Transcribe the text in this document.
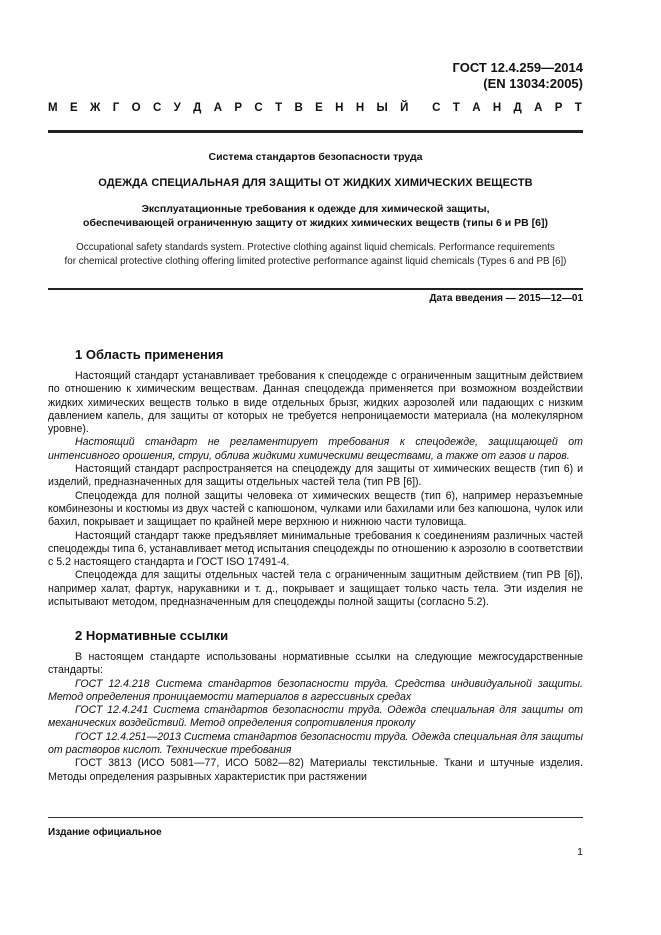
ГОСТ 12.4.259—2014
(EN 13034:2005)
М Е Ж Г О С У Д А Р С Т В Е Н Н Ы Й С Т А Н Д А Р Т
Система стандартов безопасности труда
ОДЕЖДА СПЕЦИАЛЬНАЯ ДЛЯ ЗАЩИТЫ ОТ ЖИДКИХ ХИМИЧЕСКИХ ВЕЩЕСТВ
Эксплуатационные требования к одежде для химической защиты,
обеспечивающей ограниченную защиту от жидких химических веществ (типы 6 и РВ [6])
Occupational safety standards system. Protective clothing against liquid chemicals. Performance requirements
for chemical protective clothing offering limited protective performance against liquid chemicals (Types 6 and PB [6])
Дата введения — 2015—12—01
1 Область применения

Настоящий стандарт устанавливает требования к спецодежде с ограниченным защитным действием по отношению к химическим веществам. Данная спецодежда применяется при возможном воздействии жидких химических веществ только в виде отдельных брызг, жидких аэрозолей или падающих с низким давлением капель, для защиты от которых не требуется непроницаемости материала (на молекулярном уровне).

Настоящий стандарт не регламентирует требования к спецодежде, защищающей от интенсивного орошения, струи, облива жидкими химическими веществами, а также от газов и паров.

Настоящий стандарт распространяется на спецодежду для защиты от химических веществ (тип 6) и изделий, предназначенных для защиты отдельных частей тела (тип РВ [6]).

Спецодежда для полной защиты человека от химических веществ (тип 6), например неразъемные комбинезоны и костюмы из двух частей с капюшоном, чулками или бахилами или без капюшона, чулок или бахил, покрывает и защищает по крайней мере верхнюю и нижнюю части туловища.

Настоящий стандарт также предъявляет минимальные требования к соединениям различных частей спецодежды типа 6, устанавливает метод испытания спецодежды по отношению к аэрозолю в соответствии с 5.2 настоящего стандарта и ГОСТ ISO 17491-4.

Спецодежда для защиты отдельных частей тела с ограниченным защитным действием (тип РВ [6]), например халат, фартук, нарукавники и т. д., покрывает и защищает только часть тела. Эти изделия не испытывают методом, предназначенным для спецодежды полной защиты (согласно 5.2).

2 Нормативные ссылки

В настоящем стандарте использованы нормативные ссылки на следующие межгосударственные стандарты:

ГОСТ 12.4.218 Система стандартов безопасности труда. Средства индивидуальной защиты. Метод определения проницаемости материалов в агрессивных средах

ГОСТ 12.4.241 Система стандартов безопасности труда. Одежда специальная для защиты от механических воздействий. Метод определения сопротивления проколу

ГОСТ 12.4.251—2013 Система стандартов безопасности труда. Одежда специальная для защиты от растворов кислот. Технические требования

ГОСТ 3813 (ИСО 5081—77, ИСО 5082—82) Материалы текстильные. Ткани и штучные изделия. Методы определения разрывных характеристик при растяжении

Издание официальное
1
